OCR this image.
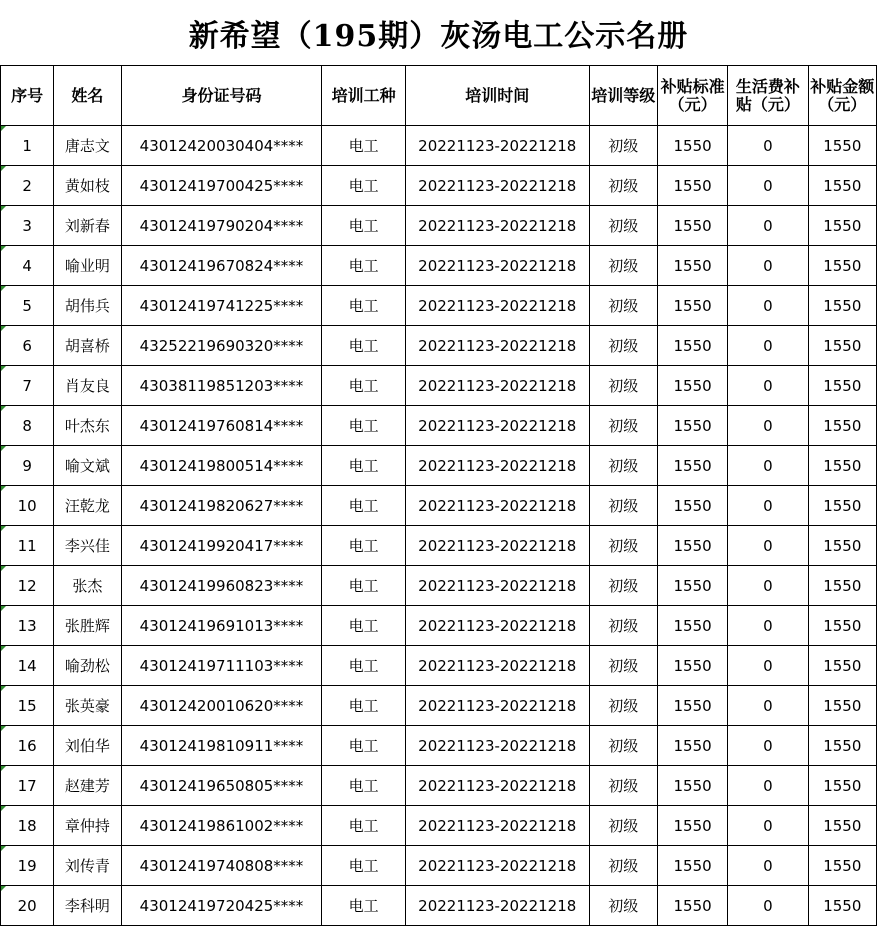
新希望（195期）灰汤电工公示名册
序号	姓名	身份证号码	培训工种	培训时间	培训等级	补贴标准（元）	生活费补贴（元）	补贴金额（元）
1	唐志文	43012420030404****	电工	20221123-20221218	初级	1550	0	1550
2	黄如枝	43012419700425****	电工	20221123-20221218	初级	1550	0	1550
3	刘新春	43012419790204****	电工	20221123-20221218	初级	1550	0	1550
4	喻业明	43012419670824****	电工	20221123-20221218	初级	1550	0	1550
5	胡伟兵	43012419741225****	电工	20221123-20221218	初级	1550	0	1550
6	胡喜桥	43252219690320****	电工	20221123-20221218	初级	1550	0	1550
7	肖友良	43038119851203****	电工	20221123-20221218	初级	1550	0	1550
8	叶杰东	43012419760814****	电工	20221123-20221218	初级	1550	0	1550
9	喻文斌	43012419800514****	电工	20221123-20221218	初级	1550	0	1550
10	汪乾龙	43012419820627****	电工	20221123-20221218	初级	1550	0	1550
11	李兴佳	43012419920417****	电工	20221123-20221218	初级	1550	0	1550
12	张杰	43012419960823****	电工	20221123-20221218	初级	1550	0	1550
13	张胜辉	43012419691013****	电工	20221123-20221218	初级	1550	0	1550
14	喻劲松	43012419711103****	电工	20221123-20221218	初级	1550	0	1550
15	张英豪	43012420010620****	电工	20221123-20221218	初级	1550	0	1550
16	刘伯华	43012419810911****	电工	20221123-20221218	初级	1550	0	1550
17	赵建芳	43012419650805****	电工	20221123-20221218	初级	1550	0	1550
18	章仲持	43012419861002****	电工	20221123-20221218	初级	1550	0	1550
19	刘传青	43012419740808****	电工	20221123-20221218	初级	1550	0	1550
20	李科明	43012419720425****	电工	20221123-20221218	初级	1550	0	1550
